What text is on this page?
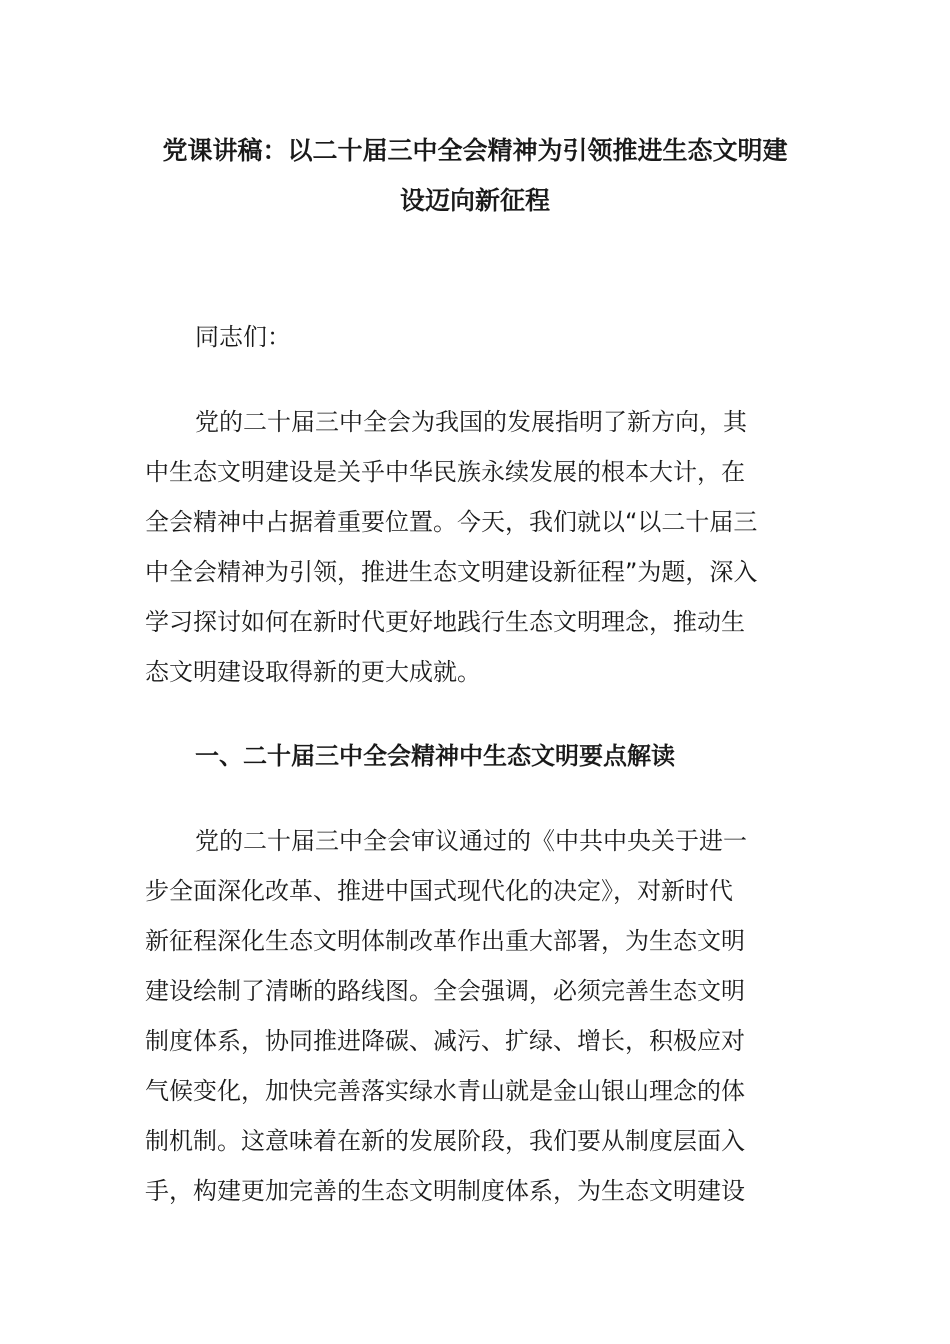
党课讲稿：以二十届三中全会精神为引领推进生态文明建
设迈向新征程
同志们：
党的二十届三中全会为我国的发展指明了新方向，其
中生态文明建设是关乎中华民族永续发展的根本大计，在
全会精神中占据着重要位置。今天，我们就以“以二十届三
中全会精神为引领，推进生态文明建设新征程”为题，深入
学习探讨如何在新时代更好地践行生态文明理念，推动生
态文明建设取得新的更大成就。
一、二十届三中全会精神中生态文明要点解读
党的二十届三中全会审议通过的《中共中央关于进一
步全面深化改革、推进中国式现代化的决定》，对新时代
新征程深化生态文明体制改革作出重大部署，为生态文明
建设绘制了清晰的路线图。全会强调，必须完善生态文明
制度体系，协同推进降碳、减污、扩绿、增长，积极应对
气候变化，加快完善落实绿水青山就是金山银山理念的体
制机制。这意味着在新的发展阶段，我们要从制度层面入
手，构建更加完善的生态文明制度体系，为生态文明建设
